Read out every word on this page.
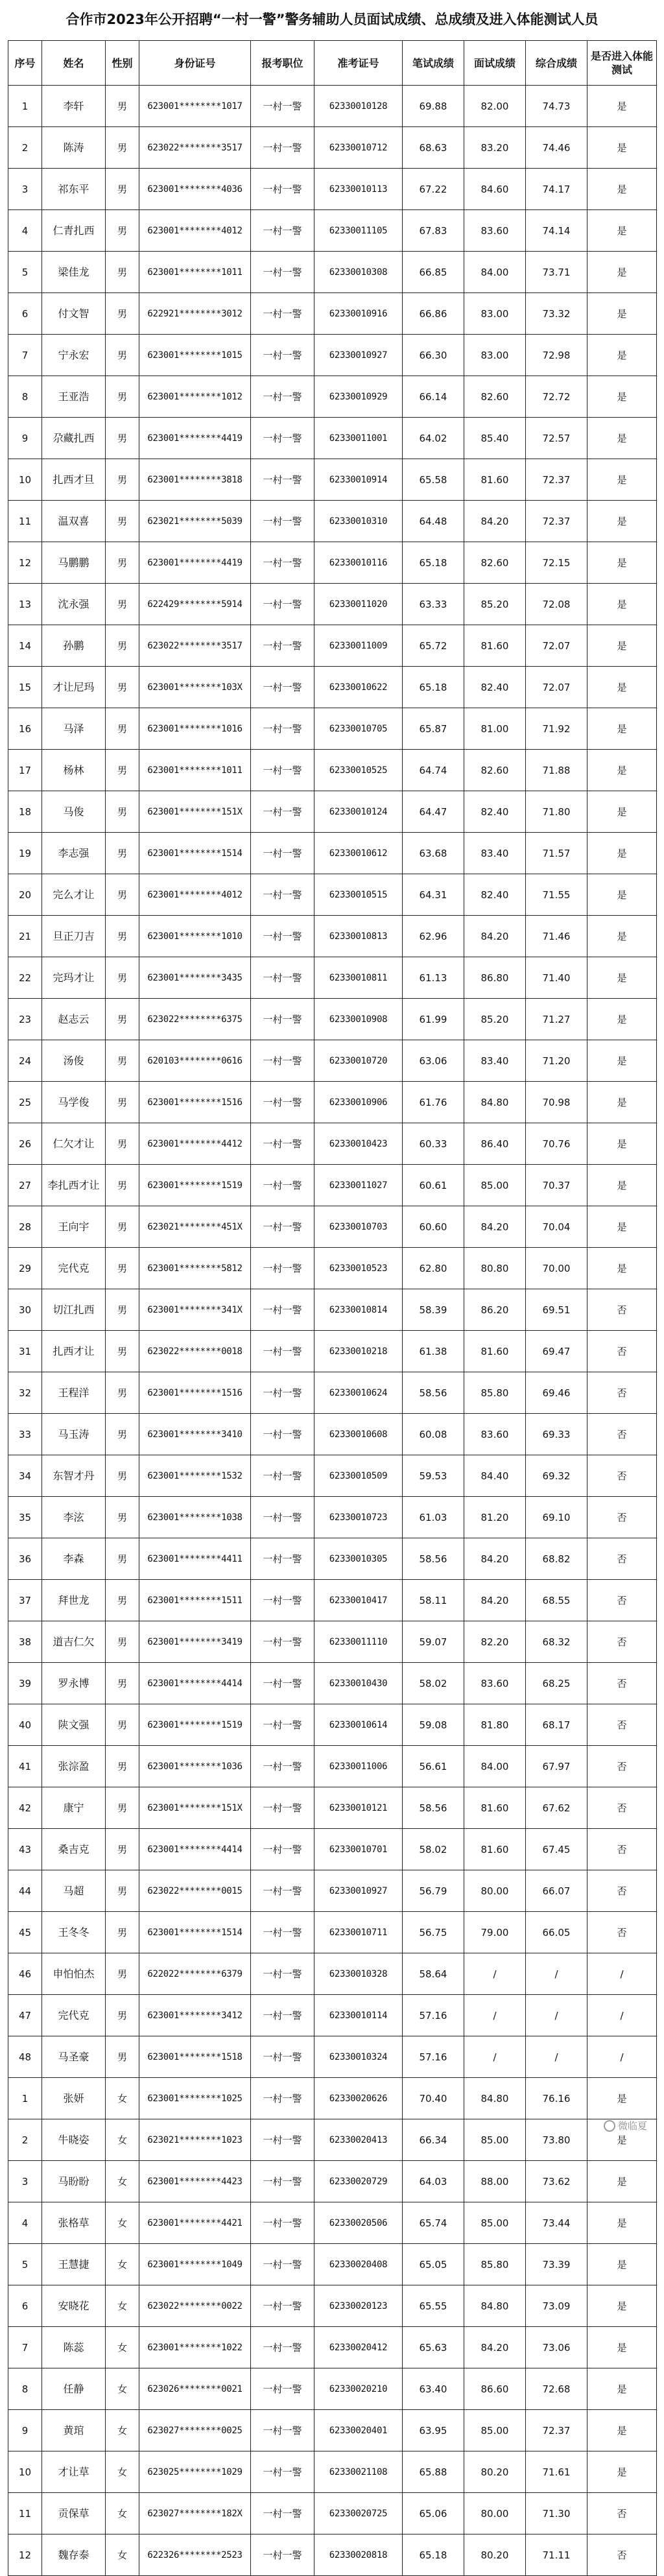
合作市2023年公开招聘“一村一警”警务辅助人员面试成绩、总成绩及进入体能测试人员
序号	姓名	性别	身份证号	报考职位	准考证号	笔试成绩	面试成绩	综合成绩	是否进入体能测试
1	李轩	男	623001********1017	一村一警	62330010128	69.88	82.00	74.73	是
2	陈涛	男	623022********3517	一村一警	62330010712	68.63	83.20	74.46	是
3	祁东平	男	623001********4036	一村一警	62330010113	67.22	84.60	74.17	是
4	仁青扎西	男	623001********4012	一村一警	62330011105	67.83	83.60	74.14	是
5	梁佳龙	男	623001********1011	一村一警	62330010308	66.85	84.00	73.71	是
6	付文智	男	622921********3012	一村一警	62330010916	66.86	83.00	73.32	是
7	宁永宏	男	623001********1015	一村一警	62330010927	66.30	83.00	72.98	是
8	王亚浩	男	623001********1012	一村一警	62330010929	66.14	82.60	72.72	是
9	尕藏扎西	男	623001********4419	一村一警	62330011001	64.02	85.40	72.57	是
10	扎西才旦	男	623001********3818	一村一警	62330010914	65.58	81.60	72.37	是
11	温双喜	男	623021********5039	一村一警	62330010310	64.48	84.20	72.37	是
12	马鹏鹏	男	623001********4419	一村一警	62330010116	65.18	82.60	72.15	是
13	沈永强	男	622429********5914	一村一警	62330011020	63.33	85.20	72.08	是
14	孙鹏	男	623022********3517	一村一警	62330011009	65.72	81.60	72.07	是
15	才让尼玛	男	623001********103X	一村一警	62330010622	65.18	82.40	72.07	是
16	马泽	男	623001********1016	一村一警	62330010705	65.87	81.00	71.92	是
17	杨林	男	623001********1011	一村一警	62330010525	64.74	82.60	71.88	是
18	马俊	男	623001********151X	一村一警	62330010124	64.47	82.40	71.80	是
19	李志强	男	623001********1514	一村一警	62330010612	63.68	83.40	71.57	是
20	完么才让	男	623001********4012	一村一警	62330010515	64.31	82.40	71.55	是
21	旦正刀吉	男	623001********1010	一村一警	62330010813	62.96	84.20	71.46	是
22	完玛才让	男	623001********3435	一村一警	62330010811	61.13	86.80	71.40	是
23	赵志云	男	623022********6375	一村一警	62330010908	61.99	85.20	71.27	是
24	汤俊	男	620103********0616	一村一警	62330010720	63.06	83.40	71.20	是
25	马学俊	男	623001********1516	一村一警	62330010906	61.76	84.80	70.98	是
26	仁欠才让	男	623001********4412	一村一警	62330010423	60.33	86.40	70.76	是
27	李扎西才让	男	623001********1519	一村一警	62330011027	60.61	85.00	70.37	是
28	王向宇	男	623021********451X	一村一警	62330010703	60.60	84.20	70.04	是
29	完代克	男	623001********5812	一村一警	62330010523	62.80	80.80	70.00	是
30	切江扎西	男	623001********341X	一村一警	62330010814	58.39	86.20	69.51	否
31	扎西才让	男	623022********0018	一村一警	62330010218	61.38	81.60	69.47	否
32	王程洋	男	623001********1516	一村一警	62330010624	58.56	85.80	69.46	否
33	马玉涛	男	623001********3410	一村一警	62330010608	60.08	83.60	69.33	否
34	东智才丹	男	623001********1532	一村一警	62330010509	59.53	84.40	69.32	否
35	李泫	男	623001********1038	一村一警	62330010723	61.03	81.20	69.10	否
36	李森	男	623001********4411	一村一警	62330010305	58.56	84.20	68.82	否
37	拜世龙	男	623001********1511	一村一警	62330010417	58.11	84.20	68.55	否
38	道吉仁欠	男	623001********3419	一村一警	62330011110	59.07	82.20	68.32	否
39	罗永博	男	623001********4414	一村一警	62330010430	58.02	83.60	68.25	否
40	陕文强	男	623001********1519	一村一警	62330010614	59.08	81.80	68.17	否
41	张淙盈	男	623001********1036	一村一警	62330011006	56.61	84.00	67.97	否
42	康宁	男	623001********151X	一村一警	62330010121	58.56	81.60	67.62	否
43	桑吉克	男	623001********4414	一村一警	62330010701	58.02	81.60	67.45	否
44	马超	男	623022********0015	一村一警	62330010927	56.79	80.00	66.07	否
45	王冬冬	男	623001********1514	一村一警	62330010711	56.75	79.00	66.05	否
46	申怕怕杰	男	622022********6379	一村一警	62330010328	58.64	/	/	/
47	完代克	男	623001********3412	一村一警	62330010114	57.16	/	/	/
48	马圣豪	男	623001********1518	一村一警	62330010324	57.16	/	/	/
1	张妍	女	623001********1025	一村一警	62330020626	70.40	84.80	76.16	是
2	牛晓姿	女	623021********1023	一村一警	62330020413	66.34	85.00	73.80	是
3	马盼盼	女	623001********4423	一村一警	62330020729	64.03	88.00	73.62	是
4	张格草	女	623001********4421	一村一警	62330020506	65.74	85.00	73.44	是
5	王慧捷	女	623001********1049	一村一警	62330020408	65.05	85.80	73.39	是
6	安晓花	女	623022********0022	一村一警	62330020123	65.55	84.80	73.09	是
7	陈蕊	女	623001********1022	一村一警	62330020412	65.63	84.20	73.06	是
8	任静	女	623026********0021	一村一警	62330020210	63.40	86.60	72.68	是
9	黄琯	女	623027********0025	一村一警	62330020401	63.95	85.00	72.37	是
10	才让草	女	623025********1029	一村一警	62330021108	65.88	80.20	71.61	是
11	贡保草	女	623027********182X	一村一警	62330020725	65.06	80.00	71.30	否
12	魏存泰	女	622326********2523	一村一警	62330020818	65.18	80.20	71.11	否
微临夏
